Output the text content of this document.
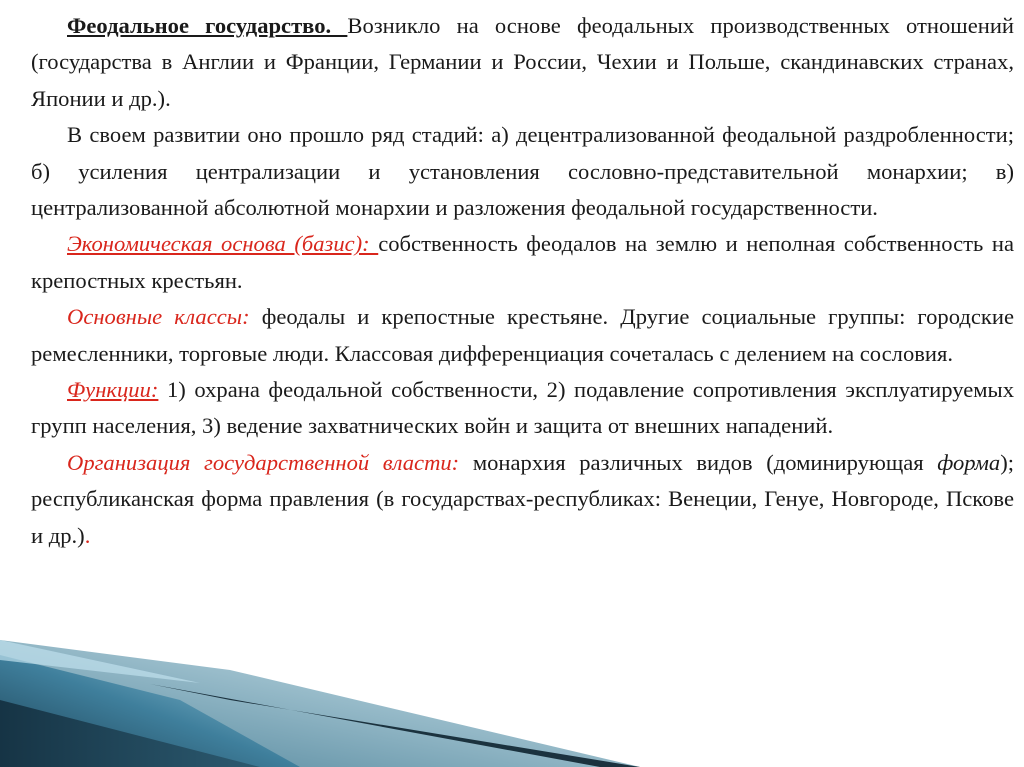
Феодальное государство. Возникло на основе феодальных производственных отношений (государства в Англии и Франции, Германии и России, Чехии и Польше, скандинавских странах, Японии и др.).

В своем развитии оно прошло ряд стадий: а) децентрализованной феодальной раздробленности; б) усиления централизации и установления сословно-представительной монархии; в) централизованной абсолютной монархии и разложения феодальной государственности.

Экономическая основа (базис): собственность феодалов на землю и неполная собственность на крепостных крестьян.

Основные классы: феодалы и крепостные крестьяне. Другие социальные группы: городские ремесленники, торговые люди. Классовая дифференциация сочеталась с делением на сословия.

Функции: 1) охрана феодальной собственности, 2) подавление сопротивления эксплуатируемых групп населения, 3) ведение захватнических войн и защита от внешних нападений.

Организация государственной власти: монархия различных видов (доминирующая форма); республиканская форма правления (в государствах-республиках: Венеции, Генуе, Новгороде, Пскове и др.).
